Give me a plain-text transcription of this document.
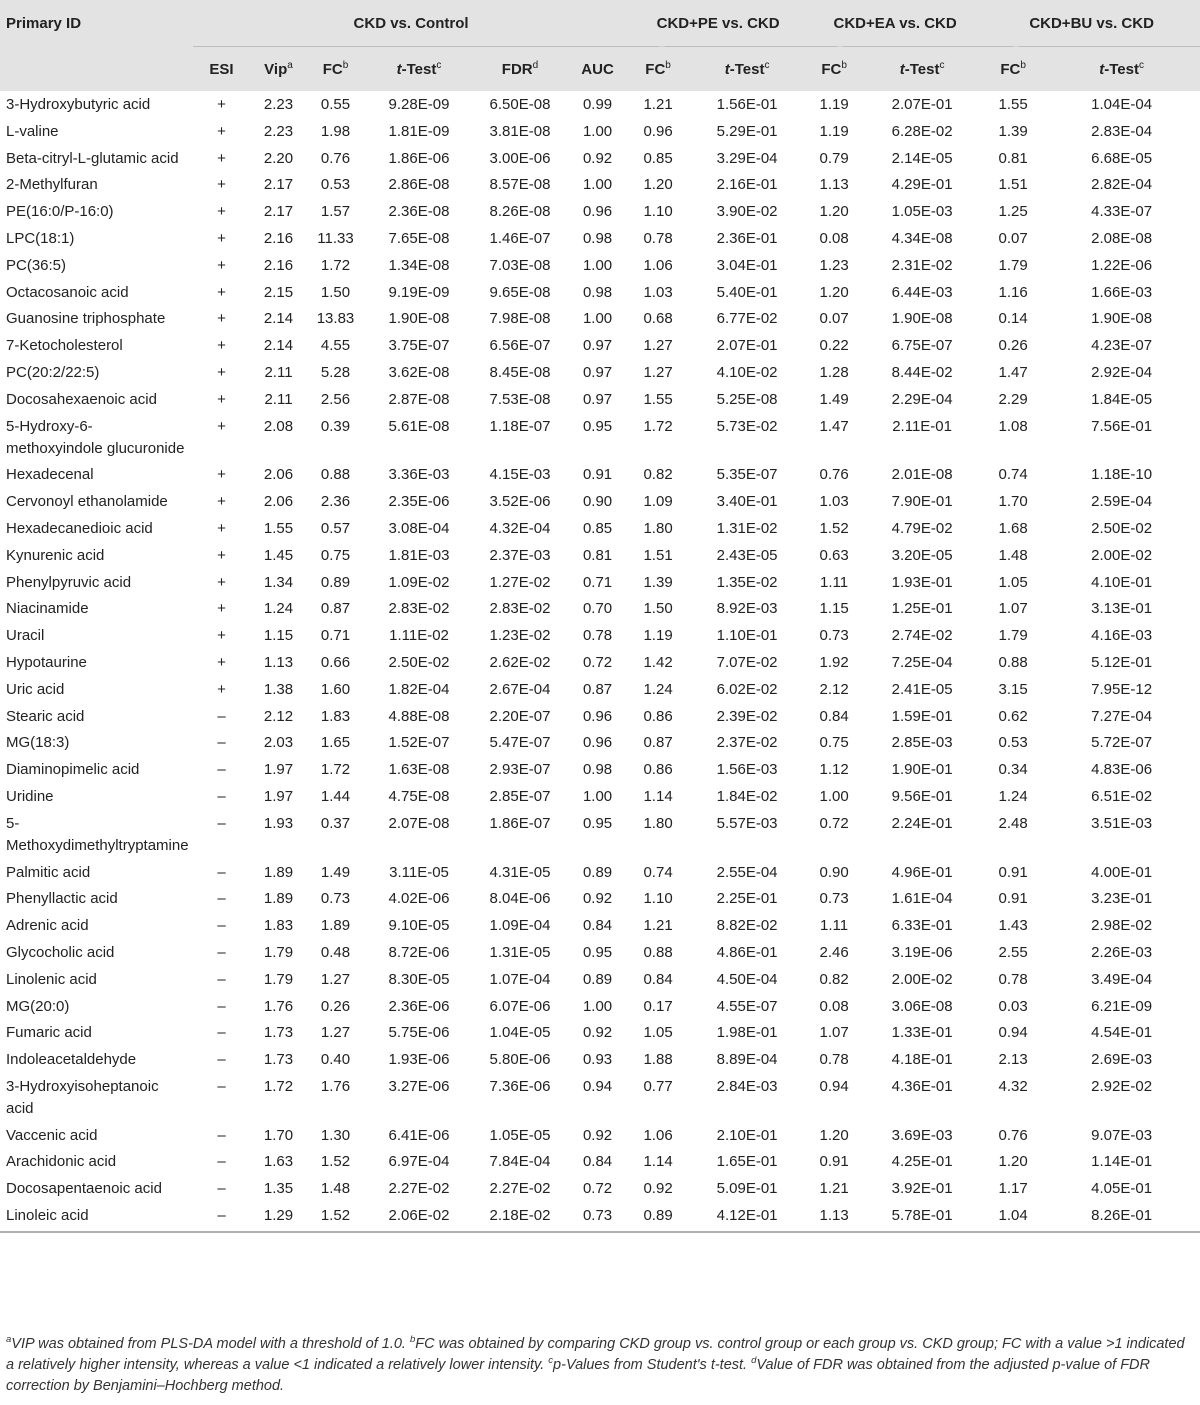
Primary ID	CKD vs. Control						CKD+PE vs. CKD		CKD+EA vs. CKD		CKD+BU vs. CKD	
	ESI	Vip$^a$	$FC^b$	t-Test$^c$	FDR$^d$	AUC	$FC^b$	t-Test$^c$	$FC^b$	t-Test$^c$	$FC^b$	t-Test$^c$
3-Hydroxybutyric acid	+	2.23	0.55	9.28E-09	6.50E-08	0.99	1.21	1.56E-01	1.19	2.07E-01	1.55	1.04E-04
L-valine	+	2.23	1.98	1.81E-09	3.81E-08	1.00	0.96	5.29E-01	1.19	6.28E-02	1.39	2.83E-04
Beta-citryl-L-glutamic acid	+	2.20	0.76	1.86E-06	3.00E-06	0.92	0.85	3.29E-04	0.79	2.14E-05	0.81	6.68E-05
2-Methylfuran	+	2.17	0.53	2.86E-08	8.57E-08	1.00	1.20	2.16E-01	1.13	4.29E-01	1.51	2.82E-04
PE(16:0/P-16:0)	+	2.17	1.57	2.36E-08	8.26E-08	0.96	1.10	3.90E-02	1.20	1.05E-03	1.25	4.33E-07
LPC(18:1)	+	2.16	11.33	7.65E-08	1.46E-07	0.98	0.78	2.36E-01	0.08	4.34E-08	0.07	2.08E-08
PC(36:5)	+	2.16	1.72	1.34E-08	7.03E-08	1.00	1.06	3.04E-01	1.23	2.31E-02	1.79	1.22E-06
Octacosanoic acid	+	2.15	1.50	9.19E-09	9.65E-08	0.98	1.03	5.40E-01	1.20	6.44E-03	1.16	1.66E-03
Guanosine triphosphate	+	2.14	13.83	1.90E-08	7.98E-08	1.00	0.68	6.77E-02	0.07	1.90E-08	0.14	1.90E-08
7-Ketocholesterol	+	2.14	4.55	3.75E-07	6.56E-07	0.97	1.27	2.07E-01	0.22	6.75E-07	0.26	4.23E-07
PC(20:2/22:5)	+	2.11	5.28	3.62E-08	8.45E-08	0.97	1.27	4.10E-02	1.28	8.44E-02	1.47	2.92E-04
Docosahexaenoic acid	+	2.11	2.56	2.87E-08	7.53E-08	0.97	1.55	5.25E-08	1.49	2.29E-04	2.29	1.84E-05
5-Hydroxy-6-methoxyindole glucuronide	+	2.08	0.39	5.61E-08	1.18E-07	0.95	1.72	5.73E-02	1.47	2.11E-01	1.08	7.56E-01
Hexadecenal	+	2.06	0.88	3.36E-03	4.15E-03	0.91	0.82	5.35E-07	0.76	2.01E-08	0.74	1.18E-10
Cervonoyl ethanolamide	+	2.06	2.36	2.35E-06	3.52E-06	0.90	1.09	3.40E-01	1.03	7.90E-01	1.70	2.59E-04
Hexadecanedioic acid	+	1.55	0.57	3.08E-04	4.32E-04	0.85	1.80	1.31E-02	1.52	4.79E-02	1.68	2.50E-02
Kynurenic acid	+	1.45	0.75	1.81E-03	2.37E-03	0.81	1.51	2.43E-05	0.63	3.20E-05	1.48	2.00E-02
Phenylpyruvic acid	+	1.34	0.89	1.09E-02	1.27E-02	0.71	1.39	1.35E-02	1.11	1.93E-01	1.05	4.10E-01
Niacinamide	+	1.24	0.87	2.83E-02	2.83E-02	0.70	1.50	8.92E-03	1.15	1.25E-01	1.07	3.13E-01
Uracil	+	1.15	0.71	1.11E-02	1.23E-02	0.78	1.19	1.10E-01	0.73	2.74E-02	1.79	4.16E-03
Hypotaurine	+	1.13	0.66	2.50E-02	2.62E-02	0.72	1.42	7.07E-02	1.92	7.25E-04	0.88	5.12E-01
Uric acid	+	1.38	1.60	1.82E-04	2.67E-04	0.87	1.24	6.02E-02	2.12	2.41E-05	3.15	7.95E-12
Stearic acid	–	2.12	1.83	4.88E-08	2.20E-07	0.96	0.86	2.39E-02	0.84	1.59E-01	0.62	7.27E-04
MG(18:3)	–	2.03	1.65	1.52E-07	5.47E-07	0.96	0.87	2.37E-02	0.75	2.85E-03	0.53	5.72E-07
Diaminopimelic acid	–	1.97	1.72	1.63E-08	2.93E-07	0.98	0.86	1.56E-03	1.12	1.90E-01	0.34	4.83E-06
Uridine	–	1.97	1.44	4.75E-08	2.85E-07	1.00	1.14	1.84E-02	1.00	9.56E-01	1.24	6.51E-02
5-Methoxydimethyltryptamine	–	1.93	0.37	2.07E-08	1.86E-07	0.95	1.80	5.57E-03	0.72	2.24E-01	2.48	3.51E-03
Palmitic acid	–	1.89	1.49	3.11E-05	4.31E-05	0.89	0.74	2.55E-04	0.90	4.96E-01	0.91	4.00E-01
Phenyllactic acid	–	1.89	0.73	4.02E-06	8.04E-06	0.92	1.10	2.25E-01	0.73	1.61E-04	0.91	3.23E-01
Adrenic acid	–	1.83	1.89	9.10E-05	1.09E-04	0.84	1.21	8.82E-02	1.11	6.33E-01	1.43	2.98E-02
Glycocholic acid	–	1.79	0.48	8.72E-06	1.31E-05	0.95	0.88	4.86E-01	2.46	3.19E-06	2.55	2.26E-03
Linolenic acid	–	1.79	1.27	8.30E-05	1.07E-04	0.89	0.84	4.50E-04	0.82	2.00E-02	0.78	3.49E-04
MG(20:0)	–	1.76	0.26	2.36E-06	6.07E-06	1.00	0.17	4.55E-07	0.08	3.06E-08	0.03	6.21E-09
Fumaric acid	–	1.73	1.27	5.75E-06	1.04E-05	0.92	1.05	1.98E-01	1.07	1.33E-01	0.94	4.54E-01
Indoleacetaldehyde	–	1.73	0.40	1.93E-06	5.80E-06	0.93	1.88	8.89E-04	0.78	4.18E-01	2.13	2.69E-03
3-Hydroxyisoheptanoic acid	–	1.72	1.76	3.27E-06	7.36E-06	0.94	0.77	2.84E-03	0.94	4.36E-01	4.32	2.92E-02
Vaccenic acid	–	1.70	1.30	6.41E-06	1.05E-05	0.92	1.06	2.10E-01	1.20	3.69E-03	0.76	9.07E-03
Arachidonic acid	–	1.63	1.52	6.97E-04	7.84E-04	0.84	1.14	1.65E-01	0.91	4.25E-01	1.20	1.14E-01
Docosapentaenoic acid	–	1.35	1.48	2.27E-02	2.27E-02	0.72	0.92	5.09E-01	1.21	3.92E-01	1.17	4.05E-01
Linoleic acid	–	1.29	1.52	2.06E-02	2.18E-02	0.73	0.89	4.12E-01	1.13	5.78E-01	1.04	8.26E-01
$^a$VIP was obtained from PLS-DA model with a threshold of 1.0. $^b$FC was obtained by comparing CKD group vs. control group or each group vs. CKD group; FC with a value >1 indicated a relatively higher intensity, whereas a value <1 indicated a relatively lower intensity. $^c$p-Values from Student's t-test. $^d$Value of FDR was obtained from the adjusted p-value of FDR correction by Benjamini–Hochberg method.
